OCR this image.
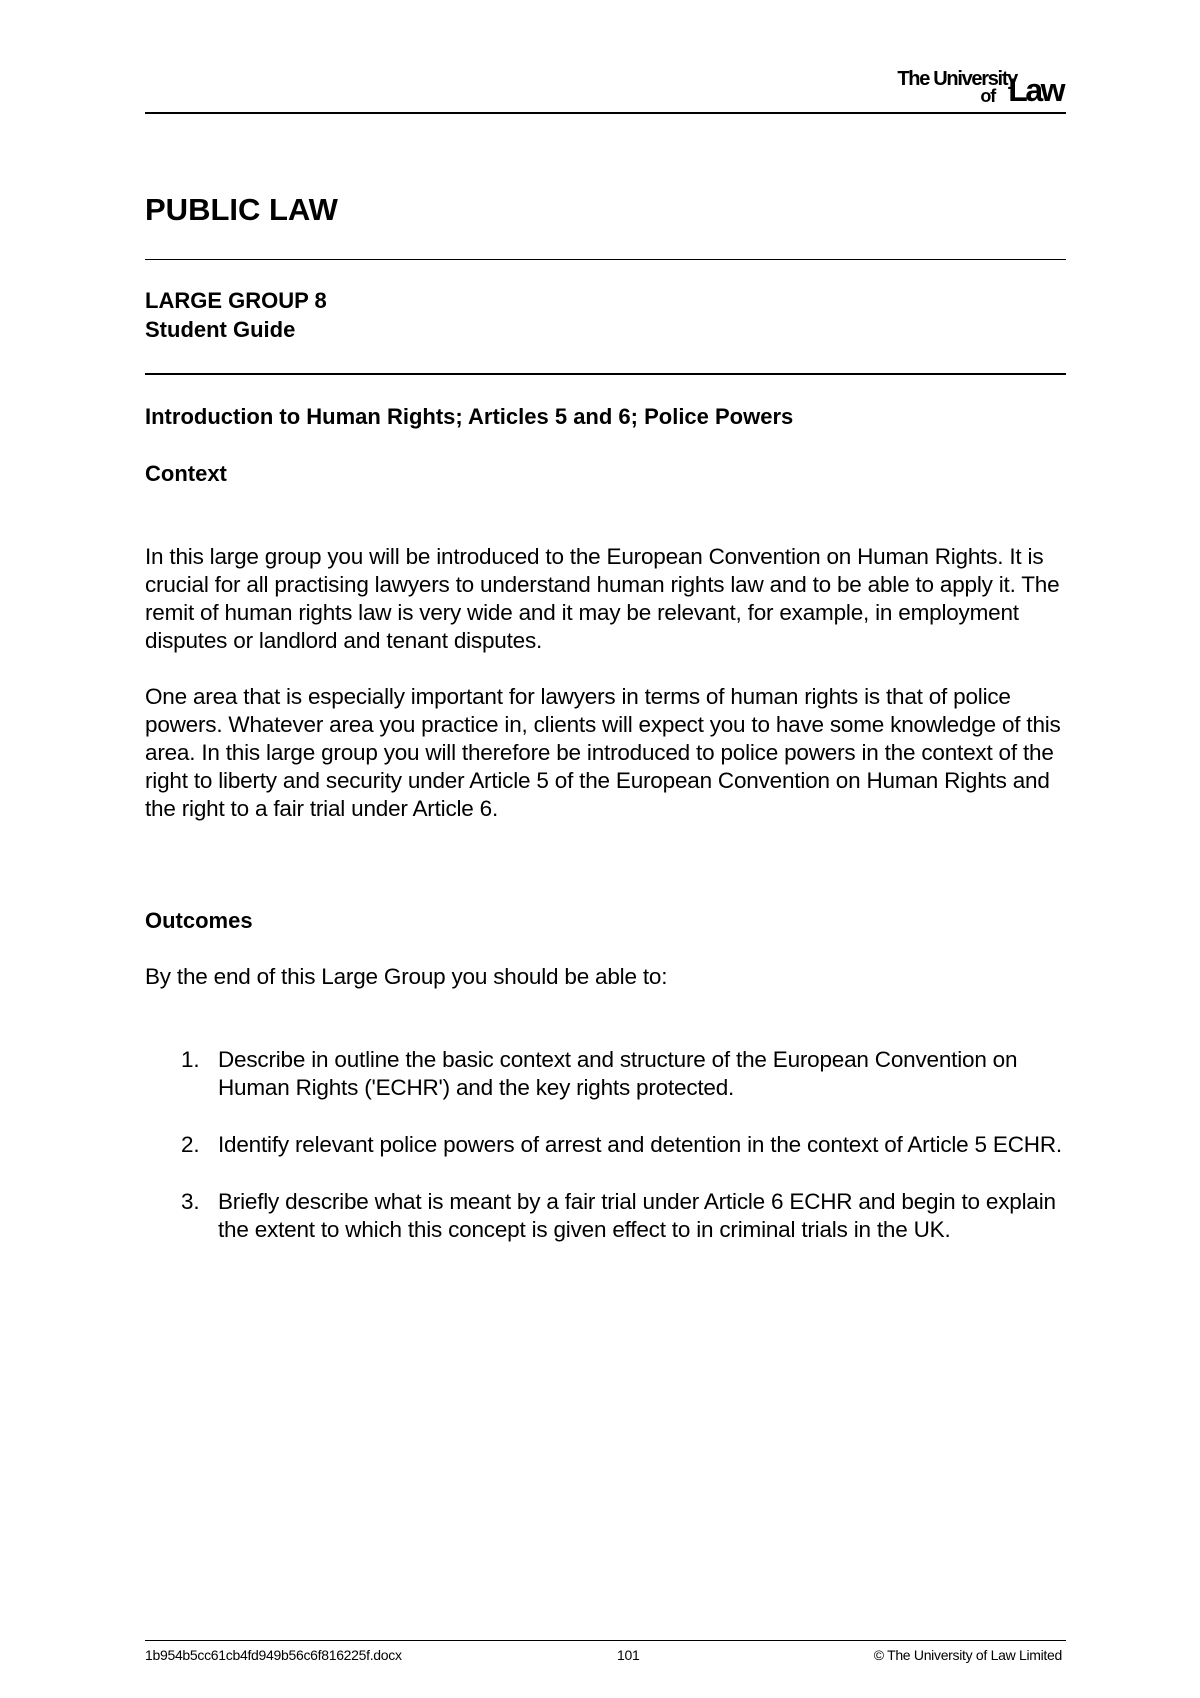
The University
of Law
PUBLIC LAW

LARGE GROUP 8

Student Guide

Introduction to Human Rights; Articles 5 and 6; Police Powers
Context

In this large group you will be introduced to the European Convention on Human Rights. It is crucial for all practising lawyers to understand human rights law and to be able to apply it. The remit of human rights law is very wide and it may be relevant, for example, in employment disputes or landlord and tenant disputes.

One area that is especially important for lawyers in terms of human rights is that of police powers. Whatever area you practice in, clients will expect you to have some knowledge of this area. In this large group you will therefore be introduced to police powers in the context of the right to liberty and security under Article 5 of the European Convention on Human Rights and the right to a fair trial under Article 6.

Outcomes

By the end of this Large Group you should be able to:

1. Describe in outline the basic context and structure of the European Convention on Human Rights ('ECHR') and the key rights protected.
2. Identify relevant police powers of arrest and detention in the context of Article 5 ECHR.
3. Briefly describe what is meant by a fair trial under Article 6 ECHR and begin to explain the extent to which this concept is given effect to in criminal trials in the UK.
1b954b5cc61cb4fd949b56c6f816225f.docx	101	© The University of Law Limited
